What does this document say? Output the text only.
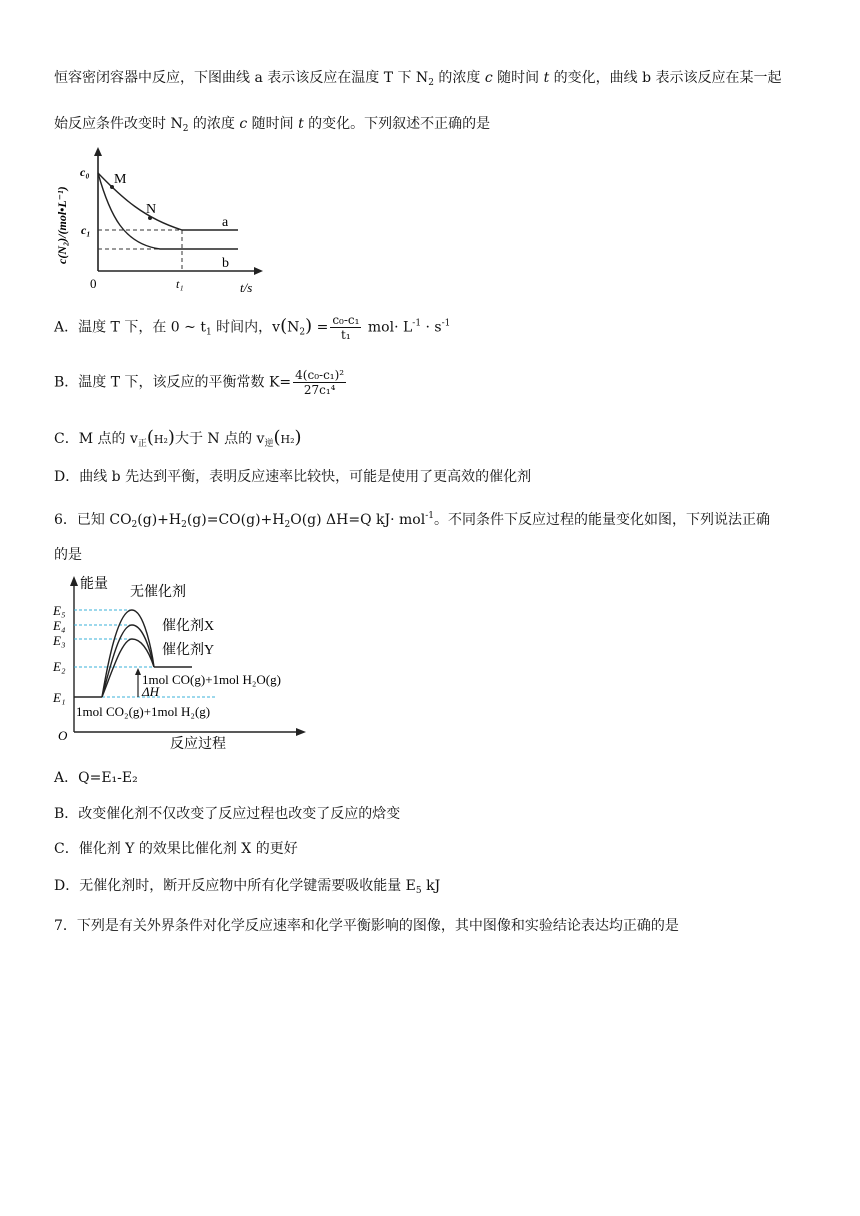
恒容密闭容器中反应，下图曲线 a 表示该反应在温度 T 下 $N_2$ 的浓度 c 随时间 t 的变化，曲线 b 表示该反应在某一起
始反应条件改变时 $N_2$ 的浓度 c 随时间 t 的变化。下列叙述不正确的是
c(N₂)/(mol•L⁻¹)
c₀
c₁
0	t₁	t/s
M
N
a
b
A．温度 T 下，在 0 ~ $t_1$ 时间内，$v(N_2) = \frac{\text{c₀-c₁}}{\text{t₁}} mol\cdot L^{-1} \cdot s^{-1}$
B．温度 T 下，该反应的平衡常数 $K= \frac{\text{4(c₀-c₁)²}}{\text{27c₁⁴}}$
C．M 点的 $v_正(H_2)$大于 N 点的 $v_逆(H_2)$
D．曲线 b 先达到平衡，表明反应速率比较快，可能是使用了更高效的催化剂
6．已知 $CO_2(g)+H_2(g)=CO(g)+H_2O(g)$ ΔH=Q kJ· mol$^{-1}$。不同条件下反应过程的能量变化如图，下列说法正确
的是
能量
反应过程
O
E₅
E₄
E₃
E₂
E₁
无催化剂
催化剂X
催化剂Y
1mol CO(g)+1mol H₂O(g)
ΔH
1mol CO₂(g)+1mol H₂(g)
A．Q=E₁-E₂
B．改变催化剂不仅改变了反应过程也改变了反应的焓变
C．催化剂 Y 的效果比催化剂 X 的更好
D．无催化剂时，断开反应物中所有化学键需要吸收能量 $E_5$ kJ
7．下列是有关外界条件对化学反应速率和化学平衡影响的图像，其中图像和实验结论表达均正确的是
